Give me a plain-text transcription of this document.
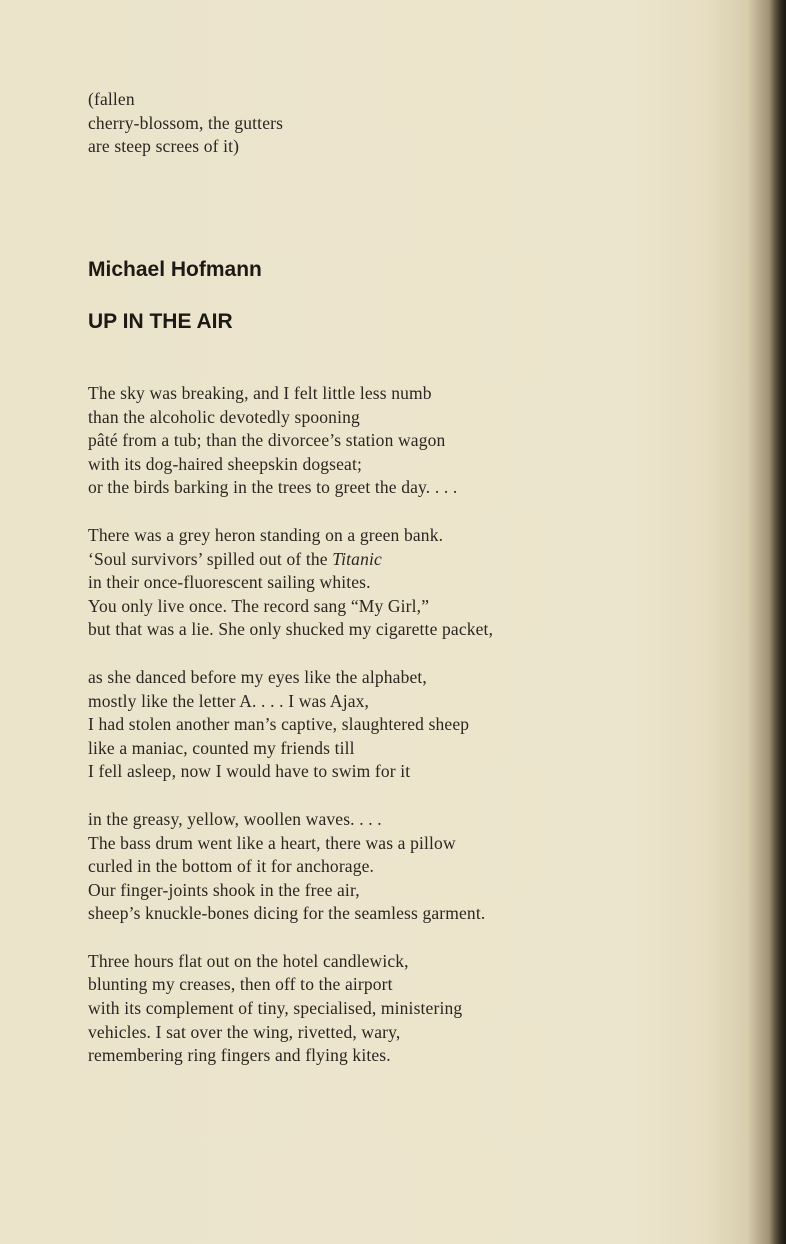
(fallen
cherry-blossom, the gutters
are steep screes of it)
Michael Hofmann
UP IN THE AIR
The sky was breaking, and I felt little less numb
than the alcoholic devotedly spooning
pâté from a tub; than the divorcee’s station wagon
with its dog-haired sheepskin dogseat;
or the birds barking in the trees to greet the day. . . .
There was a grey heron standing on a green bank.
‘Soul survivors’ spilled out of the Titanic
in their once-fluorescent sailing whites.
You only live once. The record sang “My Girl,”
but that was a lie. She only shucked my cigarette packet,
as she danced before my eyes like the alphabet,
mostly like the letter A. . . . I was Ajax,
I had stolen another man’s captive, slaughtered sheep
like a maniac, counted my friends till
I fell asleep, now I would have to swim for it
in the greasy, yellow, woollen waves. . . .
The bass drum went like a heart, there was a pillow
curled in the bottom of it for anchorage.
Our finger-joints shook in the free air,
sheep’s knuckle-bones dicing for the seamless garment.
Three hours flat out on the hotel candlewick,
blunting my creases, then off to the airport
with its complement of tiny, specialised, ministering
vehicles. I sat over the wing, rivetted, wary,
remembering ring fingers and flying kites.
